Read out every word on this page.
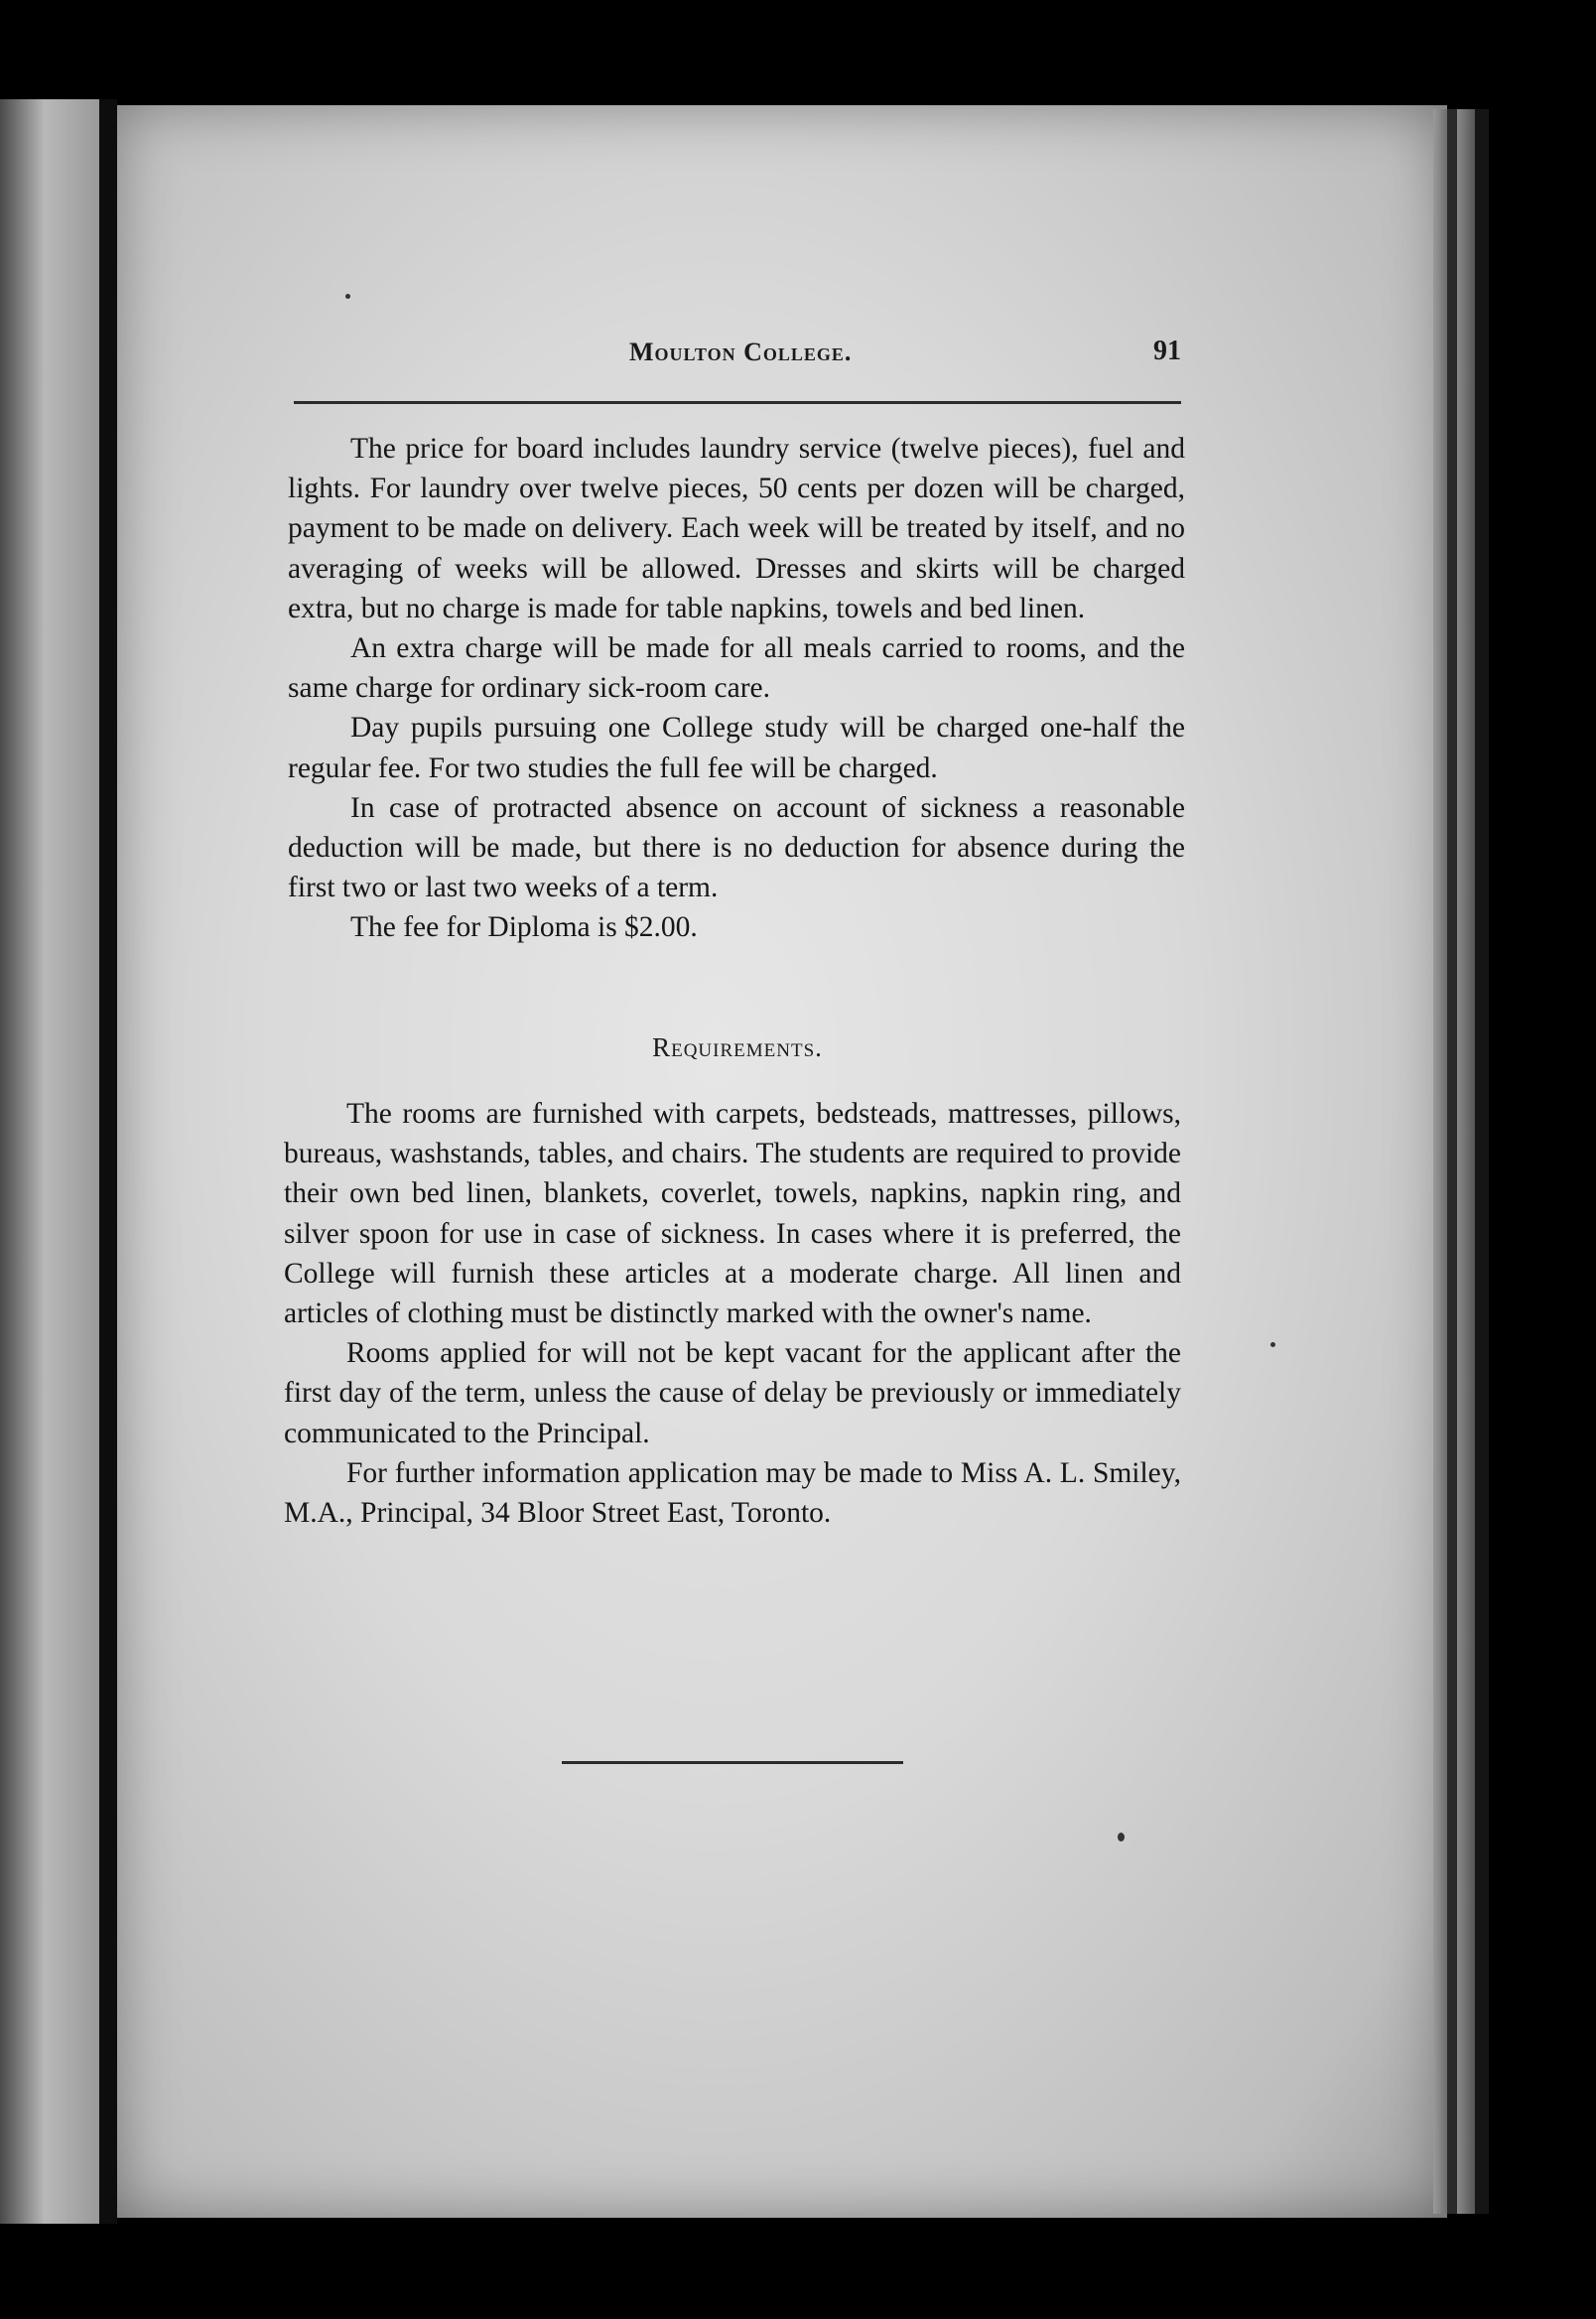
Moulton College.	91

The price for board includes laundry service (twelve pieces), fuel and lights. For laundry over twelve pieces, 50 cents per dozen will be charged, payment to be made on delivery. Each week will be treated by itself, and no averaging of weeks will be allowed. Dresses and skirts will be charged extra, but no charge is made for table napkins, towels and bed linen.

An extra charge will be made for all meals carried to rooms, and the same charge for ordinary sick-room care.

Day pupils pursuing one College study will be charged one-half the regular fee. For two studies the full fee will be charged.

In case of protracted absence on account of sickness a reasonable deduction will be made, but there is no deduction for absence during the first two or last two weeks of a term.

The fee for Diploma is $2.00.

Requirements.

The rooms are furnished with carpets, bedsteads, mattresses, pillows, bureaus, washstands, tables, and chairs. The students are required to provide their own bed linen, blankets, coverlet, towels, napkins, napkin ring, and silver spoon for use in case of sickness. In cases where it is preferred, the College will furnish these articles at a moderate charge. All linen and articles of clothing must be distinctly marked with the owner's name.

Rooms applied for will not be kept vacant for the applicant after the first day of the term, unless the cause of delay be previously or immediately communicated to the Principal.

For further information application may be made to Miss A. L. Smiley, M.A., Principal, 34 Bloor Street East, Toronto.
